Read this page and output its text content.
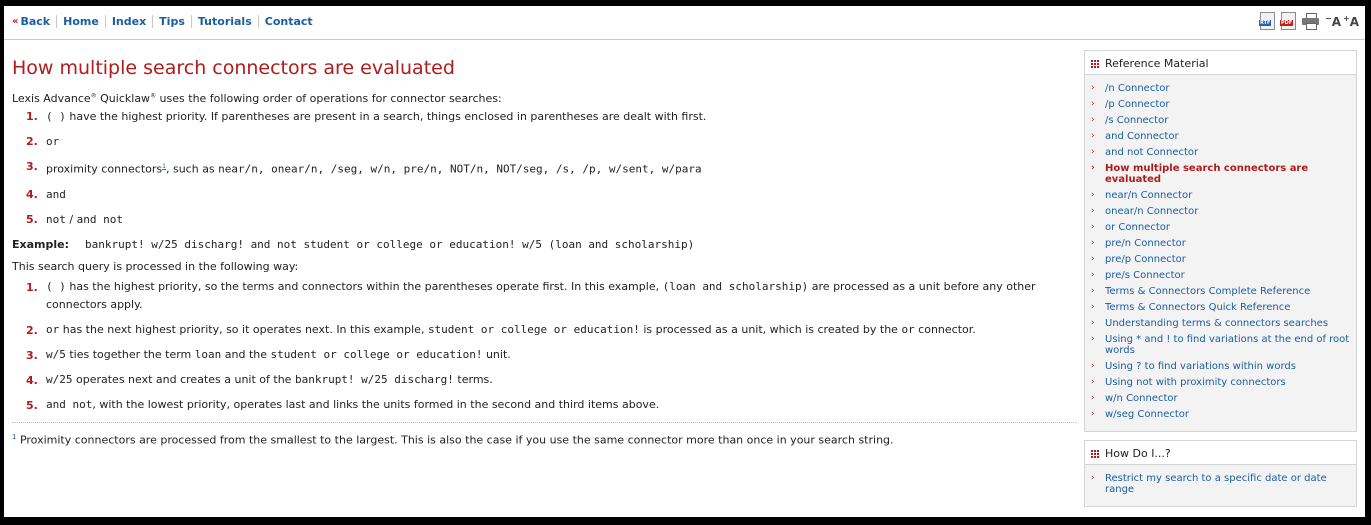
« Back	Home	Index	Tips	Tutorials	Contact	RTF PDF
−A +A
How multiple search connectors are evaluated

Lexis Advance® Quicklaw® uses the following order of operations for connector searches:

1. ( ) have the highest priority. If parentheses are present in a search, things enclosed in parentheses are dealt with first.
2. or
3. proximity connectors$^1$, such as near/n, onear/n, /seg, w/n, pre/n, NOT/n, NOT/seg, /s, /p, w/sent, w/para
4. and
5. not / and not

Example: bankrupt! w/25 discharg! and not student or college or education! w/5 (loan and scholarship)

This search query is processed in the following way:

1. ( ) has the highest priority, so the terms and connectors within the parentheses operate first. In this example, (loan and scholarship) are processed as a unit before any other connectors apply.
2. or has the next highest priority, so it operates next. In this example, student or college or education! is processed as a unit, which is created by the or connector.
3. w/5 ties together the term loan and the student or college or education! unit.
4. w/25 operates next and creates a unit of the bankrupt! w/25 discharg! terms.
5. and not, with the lowest priority, operates last and links the units formed in the second and third items above.

$^1$ Proximity connectors are processed from the smallest to the largest. This is also the case if you use the same connector more than once in your search string.

Reference Material
› /n Connector
› /p Connector
› /s Connector
› and Connector
› and not Connector
› How multiple search connectors are evaluated
› near/n Connector
› onear/n Connector
› or Connector
› pre/n Connector
› pre/p Connector
› pre/s Connector
› Terms & Connectors Complete Reference
› Terms & Connectors Quick Reference
› Understanding terms & connectors searches
› Using * and ! to find variations at the end of root words
› Using ? to find variations within words
› Using not with proximity connectors
› w/n Connector
› w/seg Connector
How Do I...?
› Restrict my search to a specific date or date range
